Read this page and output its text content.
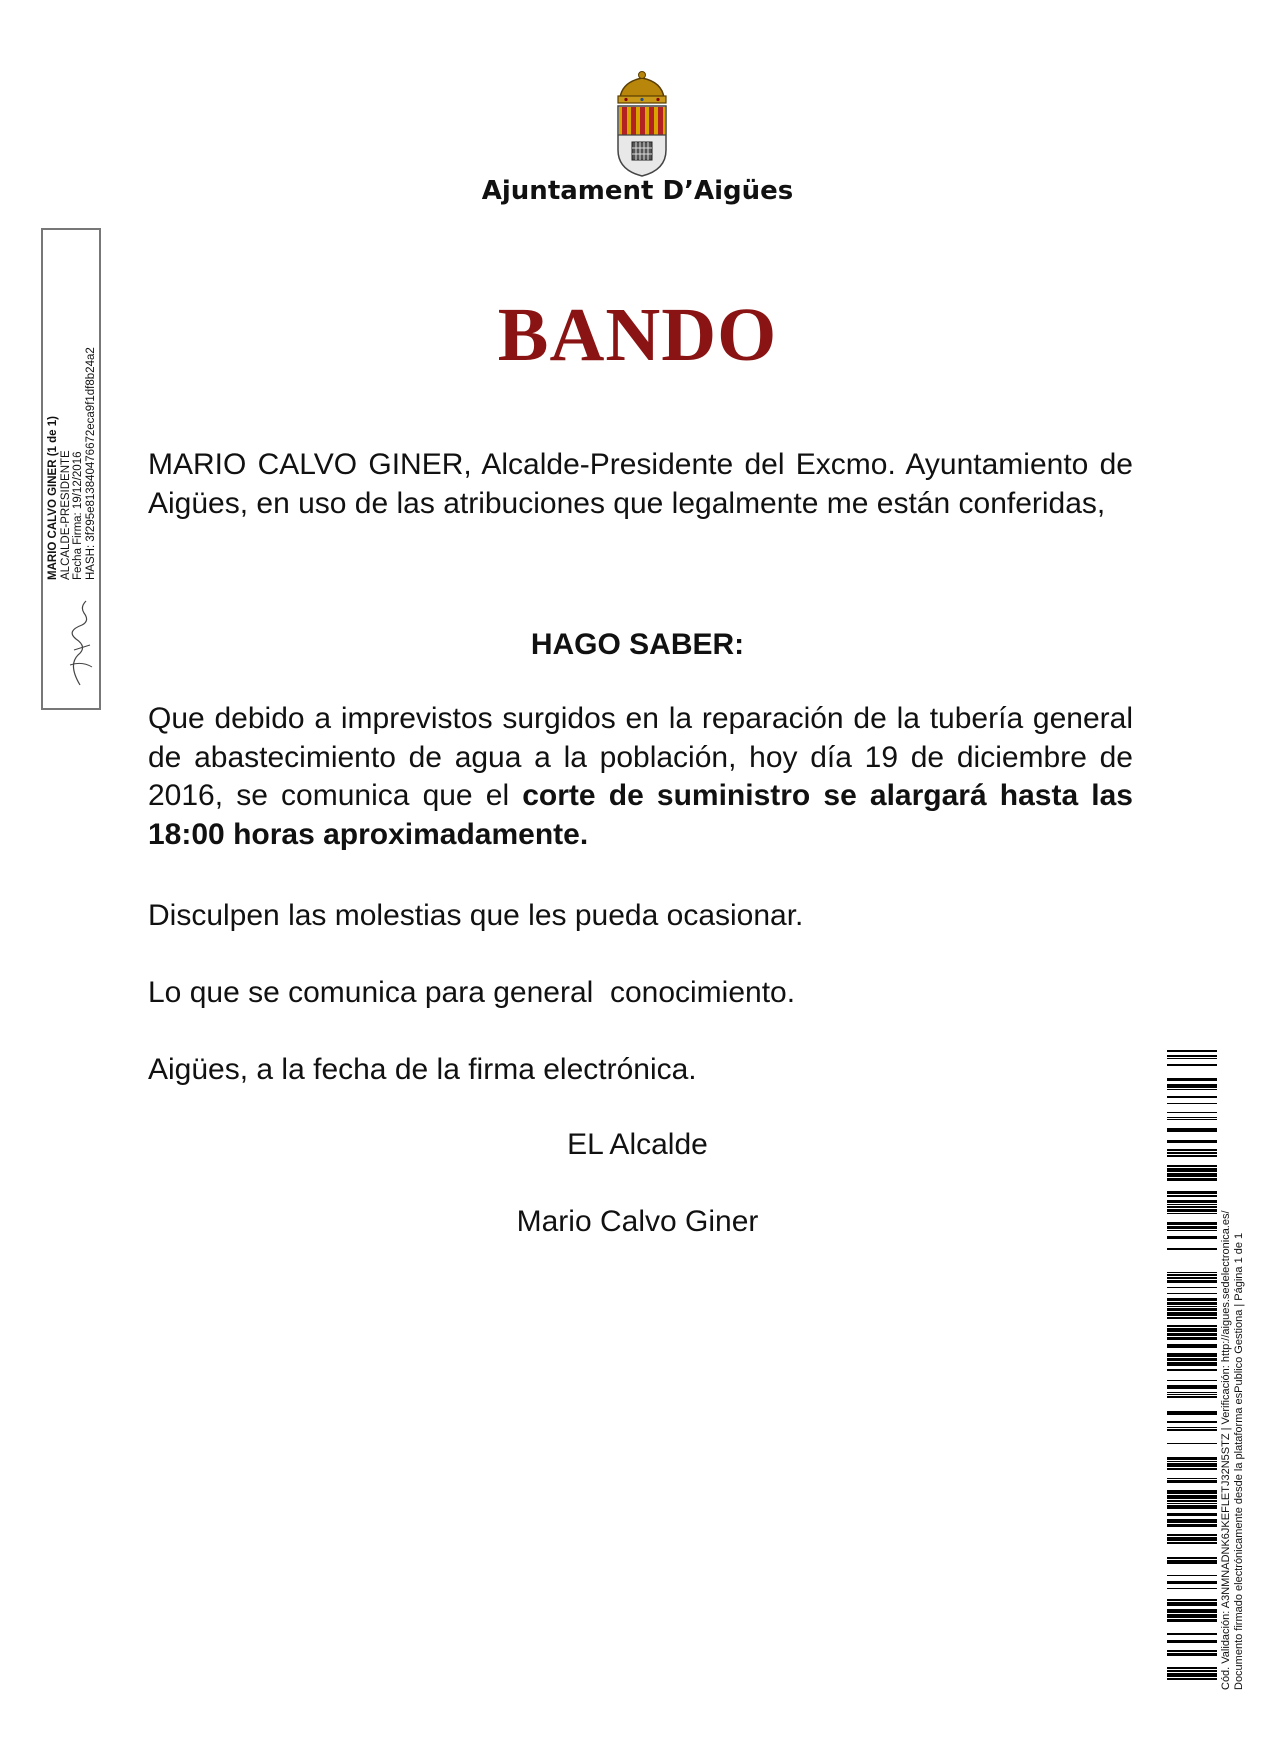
Ajuntament D’Aigües
BANDO
MARIO CALVO GINER, Alcalde-Presidente del Excmo. Ayuntamiento de Aigües, en uso de las atribuciones que legalmente me están conferidas,
HAGO SABER:
Que debido a imprevistos surgidos en la reparación de la tubería general de abastecimiento de agua a la población, hoy día 19 de diciembre de 2016, se comunica que el corte de suministro se alargará hasta las 18:00 horas aproximadamente.
Disculpen las molestias que les pueda ocasionar.
Lo que se comunica para general  conocimiento.
Aigües, a la fecha de la firma electrónica.
EL Alcalde
Mario Calvo Giner
MARIO CALVO GINER (1 de 1) ALCALDE-PRESIDENTE Fecha Firma: 19/12/2016 HASH: 3f295e813840476672eca9f1df8b24a2
Cód. Validación: A3NMNADNK6JKEFLETJ32N5STZ | Verificación: http://aigues.sedelectronica.es/ Documento firmado electrónicamente desde la plataforma esPublico Gestiona | Página 1 de 1
